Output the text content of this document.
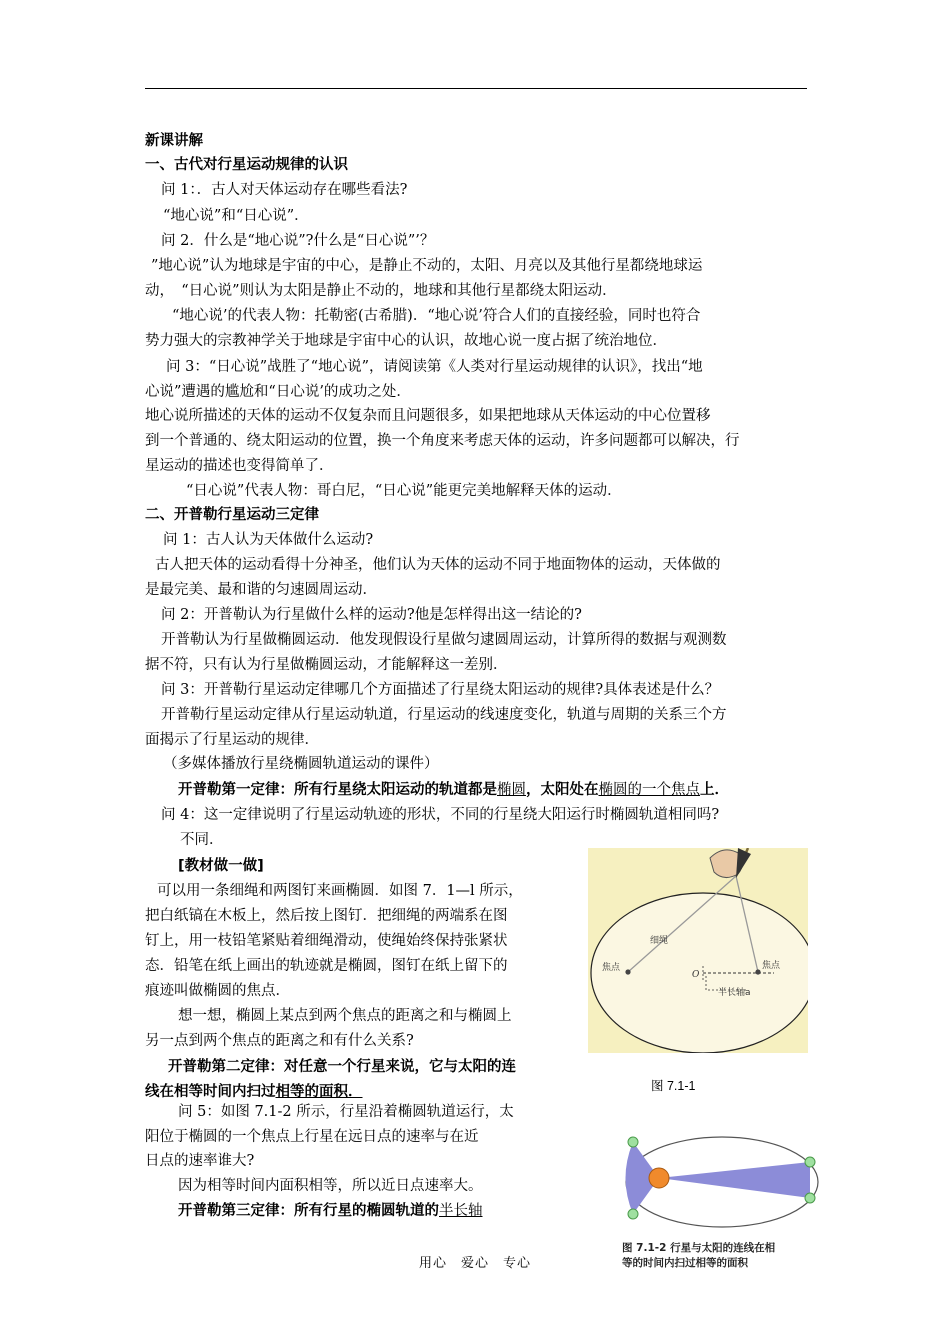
新课讲解
一、古代对行星运动规律的认识
问 1：．古人对天体运动存在哪些看法?
“地心说”和“日心说”．
问 2．什么是“地心说”?什么是“日心说”’？
”地心说”认为地球是宇宙的中心，是静止不动的，太阳、月亮以及其他行星都绕地球运
动，　“日心说”则认为太阳是静止不动的，地球和其他行星都绕太阳运动．
“地心说’的代表人物：托勒密(古希腊)．“地心说’符合人们的直接经验，同时也符合
势力强大的宗教神学关于地球是宇宙中心的认识，故地心说一度占据了统治地位．
问 3：“日心说”战胜了“地心说”，请阅读第《人类对行星运动规律的认识》，找出“地
心说”遭遇的尴尬和“日心说’的成功之处．
地心说所描述的天体的运动不仅复杂而且问题很多，如果把地球从天体运动的中心位置移
到一个普通的、绕太阳运动的位置，换一个角度来考虑天体的运动，许多问题都可以解决，行
星运动的描述也变得简单了．
“日心说”代表人物：哥白尼，“日心说”能更完美地解释天体的运动．
二、开普勒行星运动三定律
问 1：古人认为天体做什么运动?
古人把天体的运动看得十分神圣，他们认为天体的运动不同于地面物体的运动，天体做的
是最完美、最和谐的匀速圆周运动．
问 2：开普勒认为行星做什么样的运动?他是怎样得出这一结论的?
开普勒认为行星做椭圆运动．他发现假设行星做匀逮圆周运动，计算所得的数据与观测数
据不符，只有认为行星做椭圆运动，才能解释这一差别．
问 3：开普勒行星运动定律哪几个方面描述了行星绕太阳运动的规律?具体表述是什么？
开普勒行星运动定律从行星运动轨道，行星运动的线速度变化，轨道与周期的关系三个方
面揭示了行星运动的规律．
（多媒体播放行星绕椭圆轨道运动的课件）
开普勒第一定律：所有行星绕太阳运动的轨道都是椭圆，太阳处在椭圆的一个焦点上．
问 4：这一定律说明了行星运动轨迹的形状，不同的行星绕大阳运行时椭圆轨道相同吗?
不同．
[教材做一做]
可以用一条细绳和两图钉来画椭圆．如图 7．1—l 所示，
把白纸镐在木板上，然后按上图钉．把细绳的两端系在图
钉上，用一枝铅笔紧贴着细绳滑动，使绳始终保持张紧状
态．铅笔在纸上画出的轨迹就是椭圆，图钉在纸上留下的
痕迹叫做椭圆的焦点．
想一想，椭圆上某点到两个焦点的距离之和与椭圆上
另一点到两个焦点的距离之和有什么关系?
开普勒第二定律：对任意一个行星来说，它与太阳的连
线在相等时间内扫过相等的面积．
问 5：如图 7.1-2 所示，行星沿着椭圆轨道运行，太
阳位于椭圆的一个焦点上行星在远日点的速率与在近
日点的速率谁大?
因为相等时间内面积相等，所以近日点速率大。
开普勒第三定律：所有行星的椭圆轨道的半长轴
细绳
焦点	焦点
O
半长轴a
图 7.1-1
图 7.1-2 行星与太阳的连线在相
等的时间内扫过相等的面积
用心　爱心　专心
